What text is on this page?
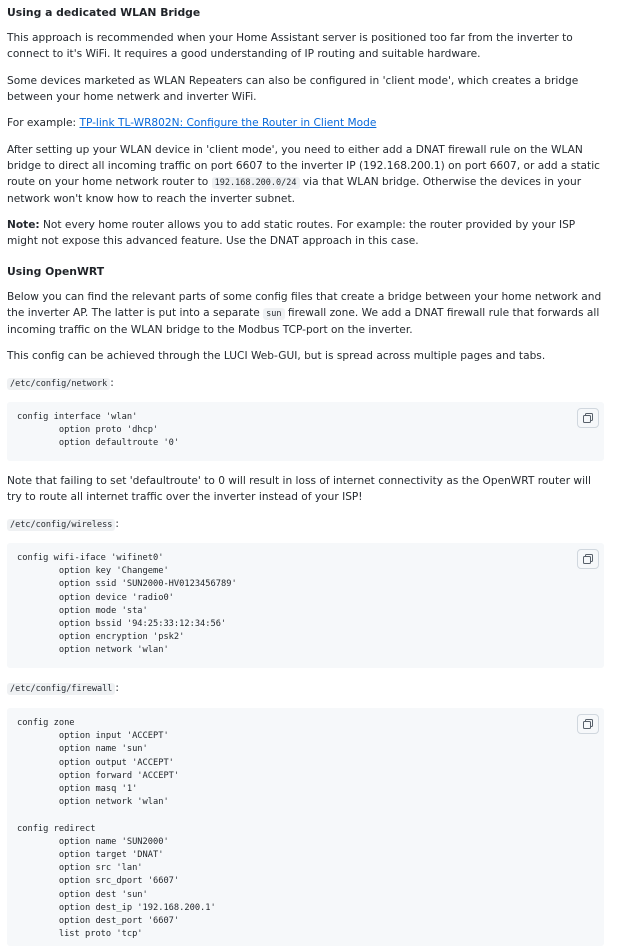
Using a dedicated WLAN Bridge

This approach is recommended when your Home Assistant server is positioned too far from the inverter to connect to it's WiFi. It requires a good understanding of IP routing and suitable hardware.

Some devices marketed as WLAN Repeaters can also be configured in 'client mode', which creates a bridge between your home netwerk and inverter WiFi.

For example: TP-link TL-WR802N: Configure the Router in Client Mode

After setting up your WLAN device in 'client mode', you need to either add a DNAT firewall rule on the WLAN bridge to direct all incoming traffic on port 6607 to the inverter IP (192.168.200.1) on port 6607, or add a static route on your home network router to 192.168.200.0/24 via that WLAN bridge. Otherwise the devices in your network won't know how to reach the inverter subnet.

Note: Not every home router allows you to add static routes. For example: the router provided by your ISP might not expose this advanced feature. Use the DNAT approach in this case.

Using OpenWRT

Below you can find the relevant parts of some config files that create a bridge between your home network and the inverter AP. The latter is put into a separate sun firewall zone. We add a DNAT firewall rule that forwards all incoming traffic on the WLAN bridge to the Modbus TCP-port on the inverter.

This config can be achieved through the LUCI Web-GUI, but is spread across multiple pages and tabs.

/etc/config/network :

config interface 'wlan'
option proto 'dhcp'
option defaultroute '0'

Note that failing to set 'defaultroute' to 0 will result in loss of internet connectivity as the OpenWRT router will try to route all internet traffic over the inverter instead of your ISP!

/etc/config/wireless :

config wifi-iface 'wifinet0'
option key 'Changeme'
option ssid 'SUN2000-HV0123456789'
option device 'radio0'
option mode 'sta'
option bssid '94:25:33:12:34:56'
option encryption 'psk2'
option network 'wlan'

/etc/config/firewall :

config zone
option input 'ACCEPT'
option name 'sun'
option output 'ACCEPT'
option forward 'ACCEPT'
option masq '1'
option network 'wlan'

config redirect
option name 'SUN2000'
option target 'DNAT'
option src 'lan'
option src_dport '6607'
option dest 'sun'
option dest_ip '192.168.200.1'
option dest_port '6607'
list proto 'tcp'
